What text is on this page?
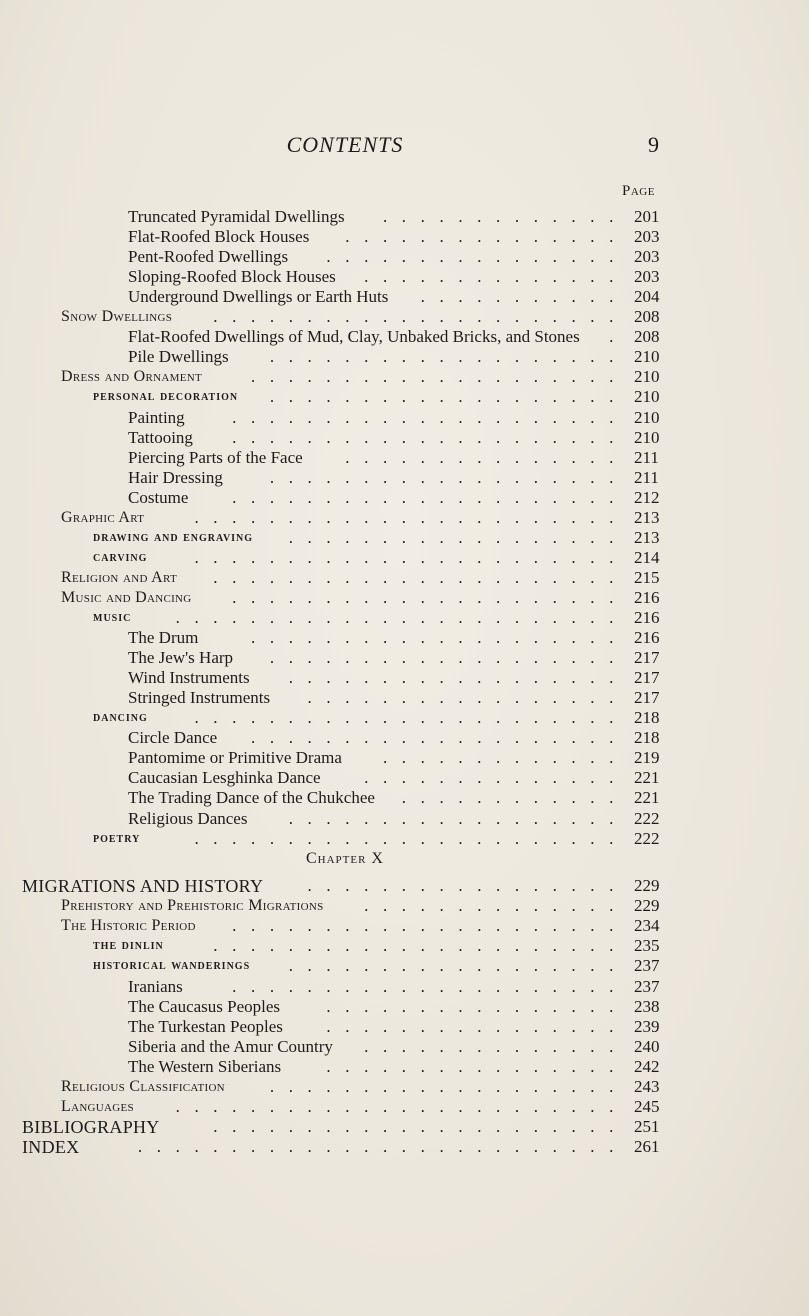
CONTENTS	9
Page
Truncated Pyramidal Dwellings	............. 201
Flat-Roofed Block Houses	............... 203
Pent-Roofed Dwellings	................ 203
Sloping-Roofed Block Houses	.............. 203
Underground Dwellings or Earth Huts	........... 204
Snow Dwellings	...................... 208
Flat-Roofed Dwellings of Mud, Clay, Unbaked Bricks, and Stones	. 208
Pile Dwellings	................... 210
Dress and Ornament	.................... 210
personal decoration	................... 210
Painting	..................... 210
Tattooing	..................... 210
Piercing Parts of the Face	............... 211
Hair Dressing	................... 211
Costume	..................... 212
Graphic Art	....................... 213
drawing and engraving	.................. 213
carving	....................... 214
Religion and Art	...................... 215
Music and Dancing	..................... 216
music	........................ 216
The Drum	.................... 216
The Jew's Harp	................... 217
Wind Instruments	.................. 217
Stringed Instruments	................. 217
dancing	....................... 218
Circle Dance	.................... 218
Pantomime or Primitive Drama	............. 219
Caucasian Lesghinka Dance	.............. 221
The Trading Dance of the Chukchee	............ 221
Religious Dances	.................. 222
poetry	....................... 222
Chapter X
MIGRATIONS AND HISTORY	................. 229
Prehistory and Prehistoric Migrations	.............. 229
The Historic Period	..................... 234
the dinlin	...................... 235
historical wanderings	.................. 237
Iranians	..................... 237
The Caucasus Peoples	................ 238
The Turkestan Peoples	................ 239
Siberia and the Amur Country	.............. 240
The Western Siberians	................ 242
Religious Classification	................... 243
Languages	........................ 245
BIBLIOGRAPHY	...................... 251
INDEX	.......................... 261
